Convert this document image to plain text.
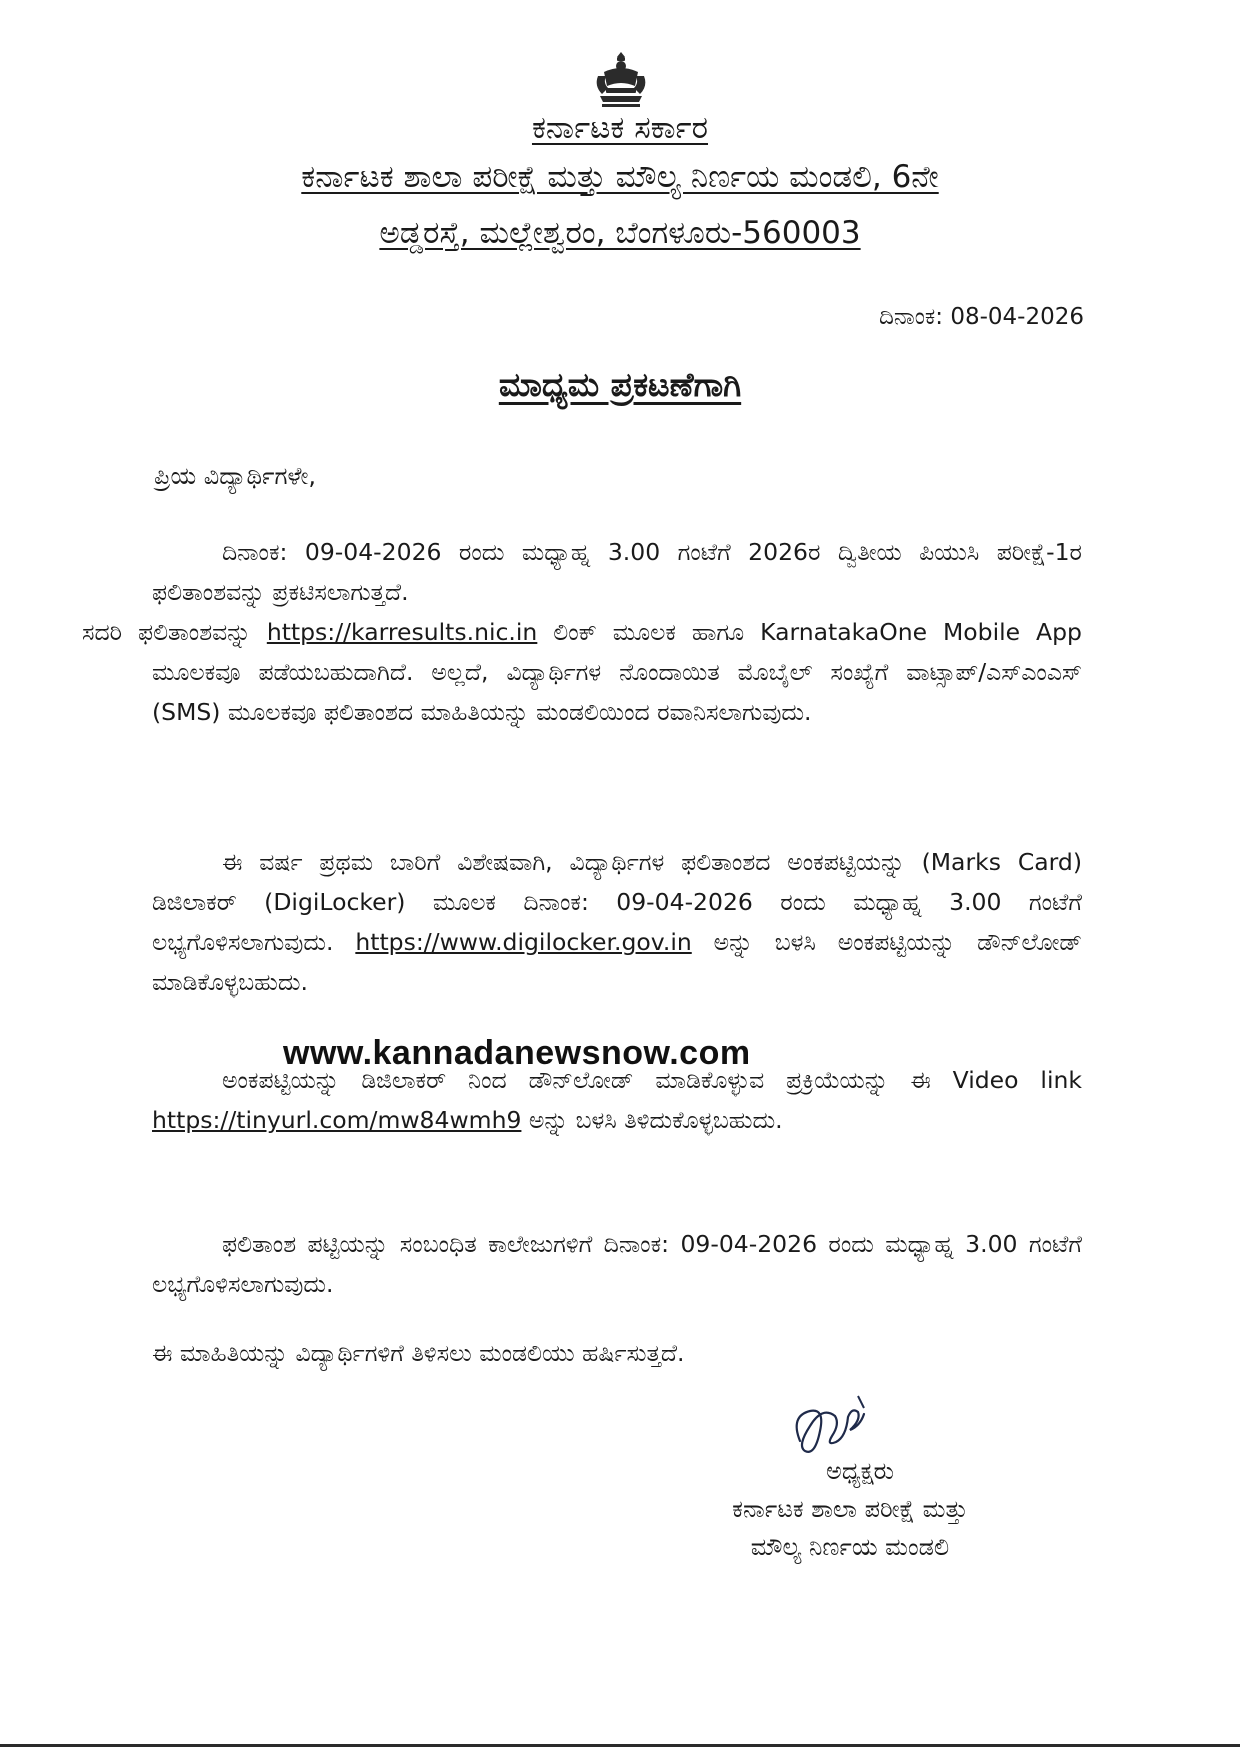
ಕರ್ನಾಟಕ ಸರ್ಕಾರ
ಕರ್ನಾಟಕ ಶಾಲಾ ಪರೀಕ್ಷೆ ಮತ್ತು ಮೌಲ್ಯ ನಿರ್ಣಯ ಮಂಡಲಿ, 6ನೇ
ಅಡ್ಡರಸ್ತೆ, ಮಲ್ಲೇಶ್ವರಂ, ಬೆಂಗಳೂರು-560003
ದಿನಾಂಕ: 08-04-2026
ಮಾಧ್ಯಮ ಪ್ರಕಟಣೆಗಾಗಿ
ಪ್ರಿಯ ವಿದ್ಯಾರ್ಥಿಗಳೇ,
ದಿನಾಂಕ: 09-04-2026 ರಂದು ಮಧ್ಯಾಹ್ನ 3.00 ಗಂಟೆಗೆ 2026ರ ದ್ವಿತೀಯ ಪಿಯುಸಿ ಪರೀಕ್ಷೆ-1ರ ಫಲಿತಾಂಶವನ್ನು ಪ್ರಕಟಿಸಲಾಗುತ್ತದೆ.
ಸದರಿ ಫಲಿತಾಂಶವನ್ನು https://karresults.nic.in ಲಿಂಕ್ ಮೂಲಕ ಹಾಗೂ KarnatakaOne Mobile App ಮೂಲಕವೂ ಪಡೆಯಬಹುದಾಗಿದೆ. ಅಲ್ಲದೆ, ವಿದ್ಯಾರ್ಥಿಗಳ ನೊಂದಾಯಿತ ಮೊಬೈಲ್ ಸಂಖ್ಯೆಗೆ ವಾಟ್ಸಾಪ್/ಎಸ್‌ಎಂಎಸ್ (SMS) ಮೂಲಕವೂ ಫಲಿತಾಂಶದ ಮಾಹಿತಿಯನ್ನು ಮಂಡಲಿಯಿಂದ ರವಾನಿಸಲಾಗುವುದು.
ಈ ವರ್ಷ ಪ್ರಥಮ ಬಾರಿಗೆ ವಿಶೇಷವಾಗಿ, ವಿದ್ಯಾರ್ಥಿಗಳ ಫಲಿತಾಂಶದ ಅಂಕಪಟ್ಟಿಯನ್ನು (Marks Card) ಡಿಜಿಲಾಕರ್ (DigiLocker) ಮೂಲಕ ದಿನಾಂಕ: 09-04-2026 ರಂದು ಮಧ್ಯಾಹ್ನ 3.00 ಗಂಟೆಗೆ ಲಭ್ಯಗೊಳಿಸಲಾಗುವುದು. https://www.digilocker.gov.in ಅನ್ನು ಬಳಸಿ ಅಂಕಪಟ್ಟಿಯನ್ನು ಡೌನ್‌ಲೋಡ್ ಮಾಡಿಕೊಳ್ಳಬಹುದು.
www.kannadanewsnow.com
ಅಂಕಪಟ್ಟಿಯನ್ನು ಡಿಜಿಲಾಕರ್ ನಿಂದ ಡೌನ್‌ಲೋಡ್ ಮಾಡಿಕೊಳ್ಳುವ ಪ್ರಕ್ರಿಯೆಯನ್ನು ಈ Video link https://tinyurl.com/mw84wmh9 ಅನ್ನು ಬಳಸಿ ತಿಳಿದುಕೊಳ್ಳಬಹುದು.
ಫಲಿತಾಂಶ ಪಟ್ಟಿಯನ್ನು ಸಂಬಂಧಿತ ಕಾಲೇಜುಗಳಿಗೆ ದಿನಾಂಕ: 09-04-2026 ರಂದು ಮಧ್ಯಾಹ್ನ 3.00 ಗಂಟೆಗೆ ಲಭ್ಯಗೊಳಿಸಲಾಗುವುದು.
ಈ ಮಾಹಿತಿಯನ್ನು ವಿದ್ಯಾರ್ಥಿಗಳಿಗೆ ತಿಳಿಸಲು ಮಂಡಲಿಯು ಹರ್ಷಿಸುತ್ತದೆ.
ಅಧ್ಯಕ್ಷರು
ಕರ್ನಾಟಕ ಶಾಲಾ ಪರೀಕ್ಷೆ ಮತ್ತು
ಮೌಲ್ಯ ನಿರ್ಣಯ ಮಂಡಲಿ
